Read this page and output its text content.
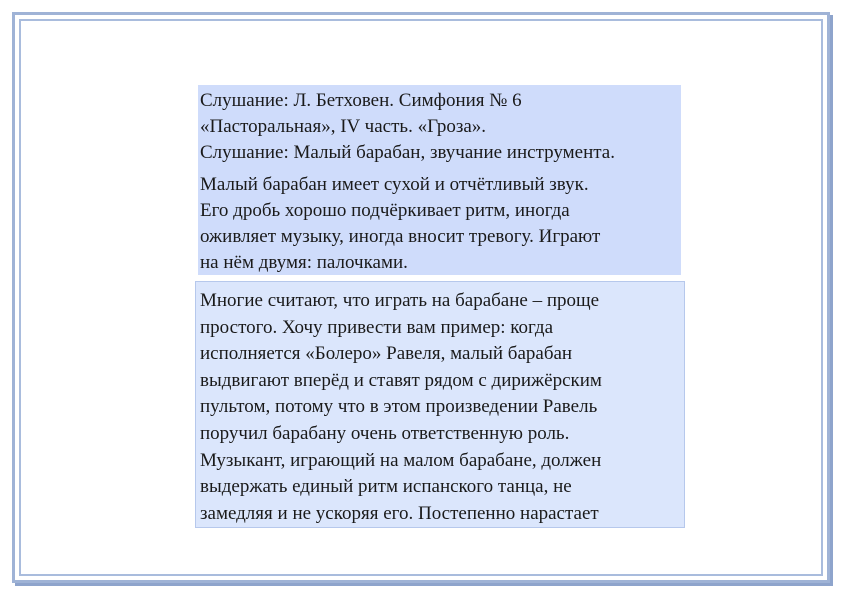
Слушание: Л. Бетховен. Симфония № 6
«Пасторальная», IV часть. «Гроза».
Слушание: Малый барабан, звучание инструмента.
Малый барабан имеет сухой и отчётливый звук.
Его дробь хорошо подчёркивает ритм, иногда
оживляет музыку, иногда вносит тревогу. Играют
на нём двумя: палочками.
Многие считают, что играть на барабане – проще
простого. Хочу привести вам пример: когда
исполняется «Болеро» Равеля, малый барабан
выдвигают вперёд и ставят рядом с дирижёрским
пультом, потому что в этом произведении Равель
поручил барабану очень ответственную роль.
Музыкант, играющий на малом барабане, должен
выдержать единый ритм испанского танца, не
замедляя и не ускоряя его. Постепенно нарастает
